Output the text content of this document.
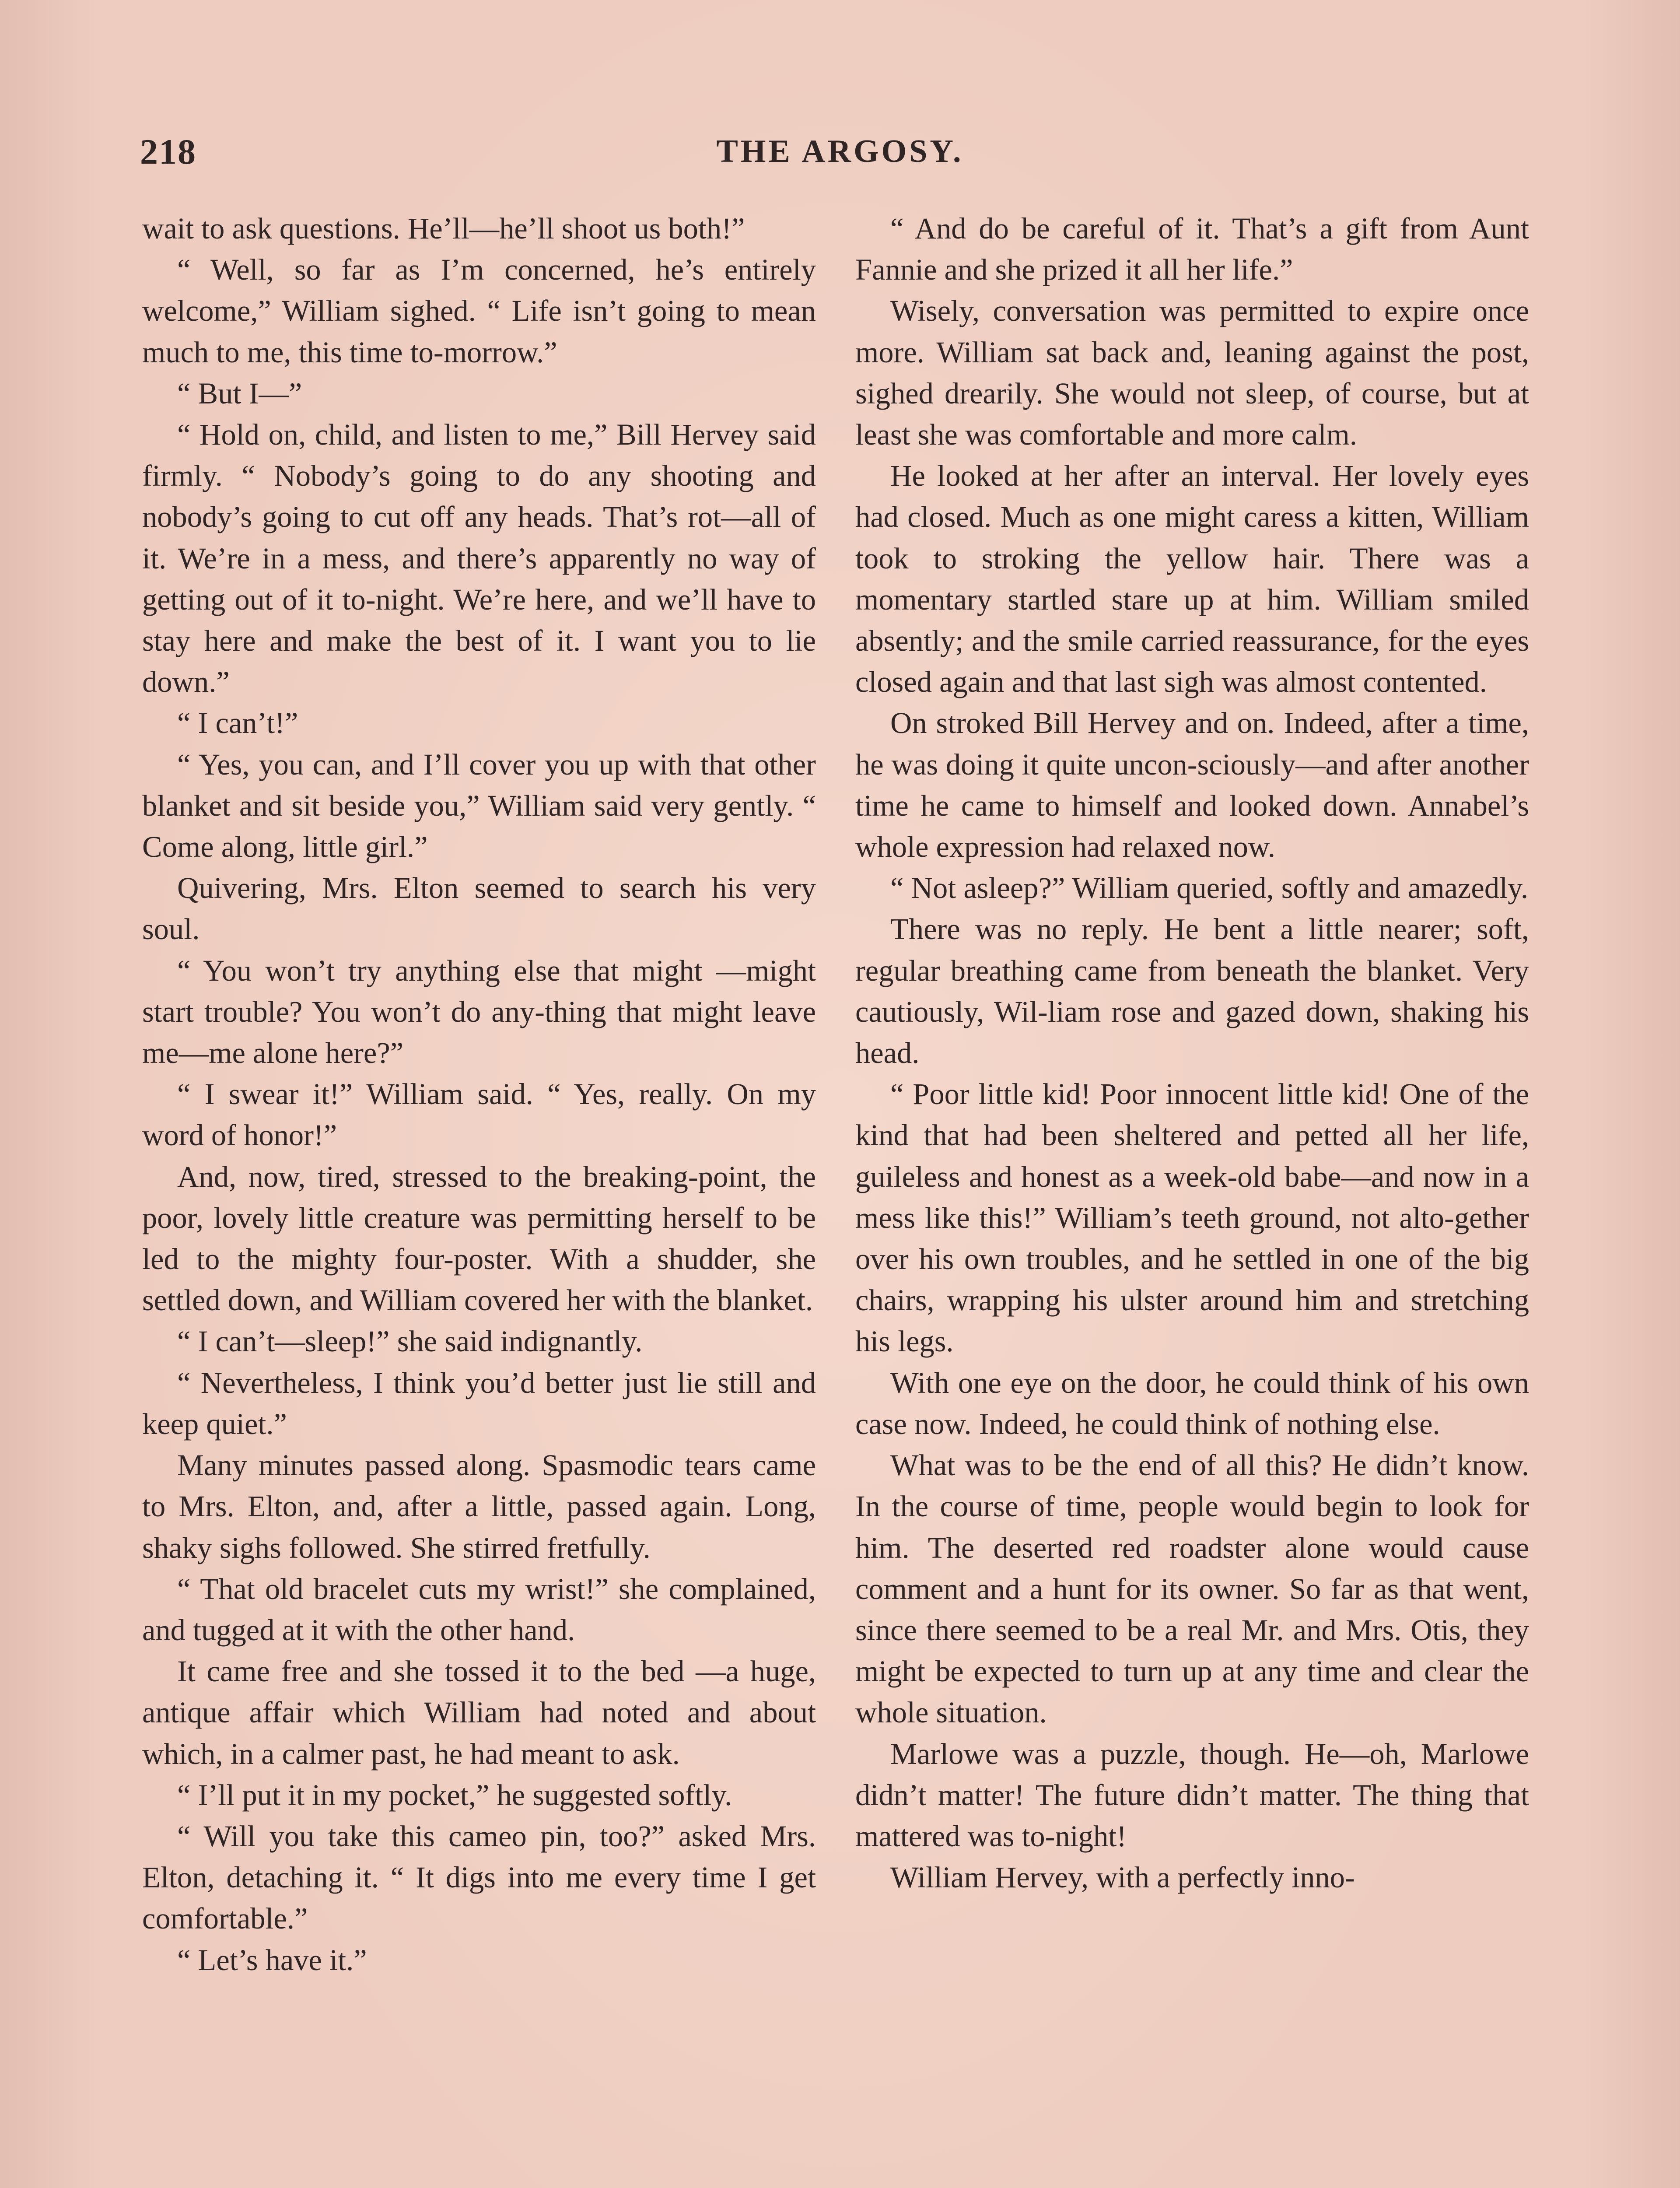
218	THE ARGOSY.

wait to ask questions. He’ll—he’ll shoot us both!”

“ Well, so far as I’m concerned, he’s entirely welcome,” William sighed. “ Life isn’t going to mean much to me, this time to-morrow.”

“ But I—”

“ Hold on, child, and listen to me,” Bill Hervey said firmly. “ Nobody’s going to do any shooting and nobody’s going to cut off any heads. That’s rot—all of it. We’re in a mess, and there’s apparently no way of getting out of it to-night. We’re here, and we’ll have to stay here and make the best of it. I want you to lie down.”

“ I can’t!”

“ Yes, you can, and I’ll cover you up with that other blanket and sit beside you,” William said very gently. “ Come along, little girl.”

Quivering, Mrs. Elton seemed to search his very soul.

“ You won’t try anything else that might —might start trouble? You won’t do any-thing that might leave me—me alone here?”

“ I swear it!” William said. “ Yes, really. On my word of honor!”

And, now, tired, stressed to the breaking-point, the poor, lovely little creature was permitting herself to be led to the mighty four-poster. With a shudder, she settled down, and William covered her with the blanket.

“ I can’t—sleep!” she said indignantly.

“ Nevertheless, I think you’d better just lie still and keep quiet.”

Many minutes passed along. Spasmodic tears came to Mrs. Elton, and, after a little, passed again. Long, shaky sighs followed. She stirred fretfully.

“ That old bracelet cuts my wrist!” she complained, and tugged at it with the other hand.

It came free and she tossed it to the bed —a huge, antique affair which William had noted and about which, in a calmer past, he had meant to ask.

“ I’ll put it in my pocket,” he suggested softly.

“ Will you take this cameo pin, too?” asked Mrs. Elton, detaching it. “ It digs into me every time I get comfortable.”

“ Let’s have it.”

“ And do be careful of it. That’s a gift from Aunt Fannie and she prized it all her life.”

Wisely, conversation was permitted to expire once more. William sat back and, leaning against the post, sighed drearily. She would not sleep, of course, but at least she was comfortable and more calm.

He looked at her after an interval. Her lovely eyes had closed. Much as one might caress a kitten, William took to stroking the yellow hair. There was a momentary startled stare up at him. William smiled absently; and the smile carried reassurance, for the eyes closed again and that last sigh was almost contented.

On stroked Bill Hervey and on. Indeed, after a time, he was doing it quite uncon-sciously—and after another time he came to himself and looked down. Annabel’s whole expression had relaxed now.

“ Not asleep?” William queried, softly and amazedly.

There was no reply. He bent a little nearer; soft, regular breathing came from beneath the blanket. Very cautiously, Wil-liam rose and gazed down, shaking his head.

“ Poor little kid! Poor innocent little kid! One of the kind that had been sheltered and petted all her life, guileless and honest as a week-old babe—and now in a mess like this!” William’s teeth ground, not alto-gether over his own troubles, and he settled in one of the big chairs, wrapping his ulster around him and stretching his legs.

With one eye on the door, he could think of his own case now. Indeed, he could think of nothing else.

What was to be the end of all this? He didn’t know. In the course of time, people would begin to look for him. The deserted red roadster alone would cause comment and a hunt for its owner. So far as that went, since there seemed to be a real Mr. and Mrs. Otis, they might be expected to turn up at any time and clear the whole situation.

Marlowe was a puzzle, though. He—oh, Marlowe didn’t matter! The future didn’t matter. The thing that mattered was to-night!

William Hervey, with a perfectly inno-
